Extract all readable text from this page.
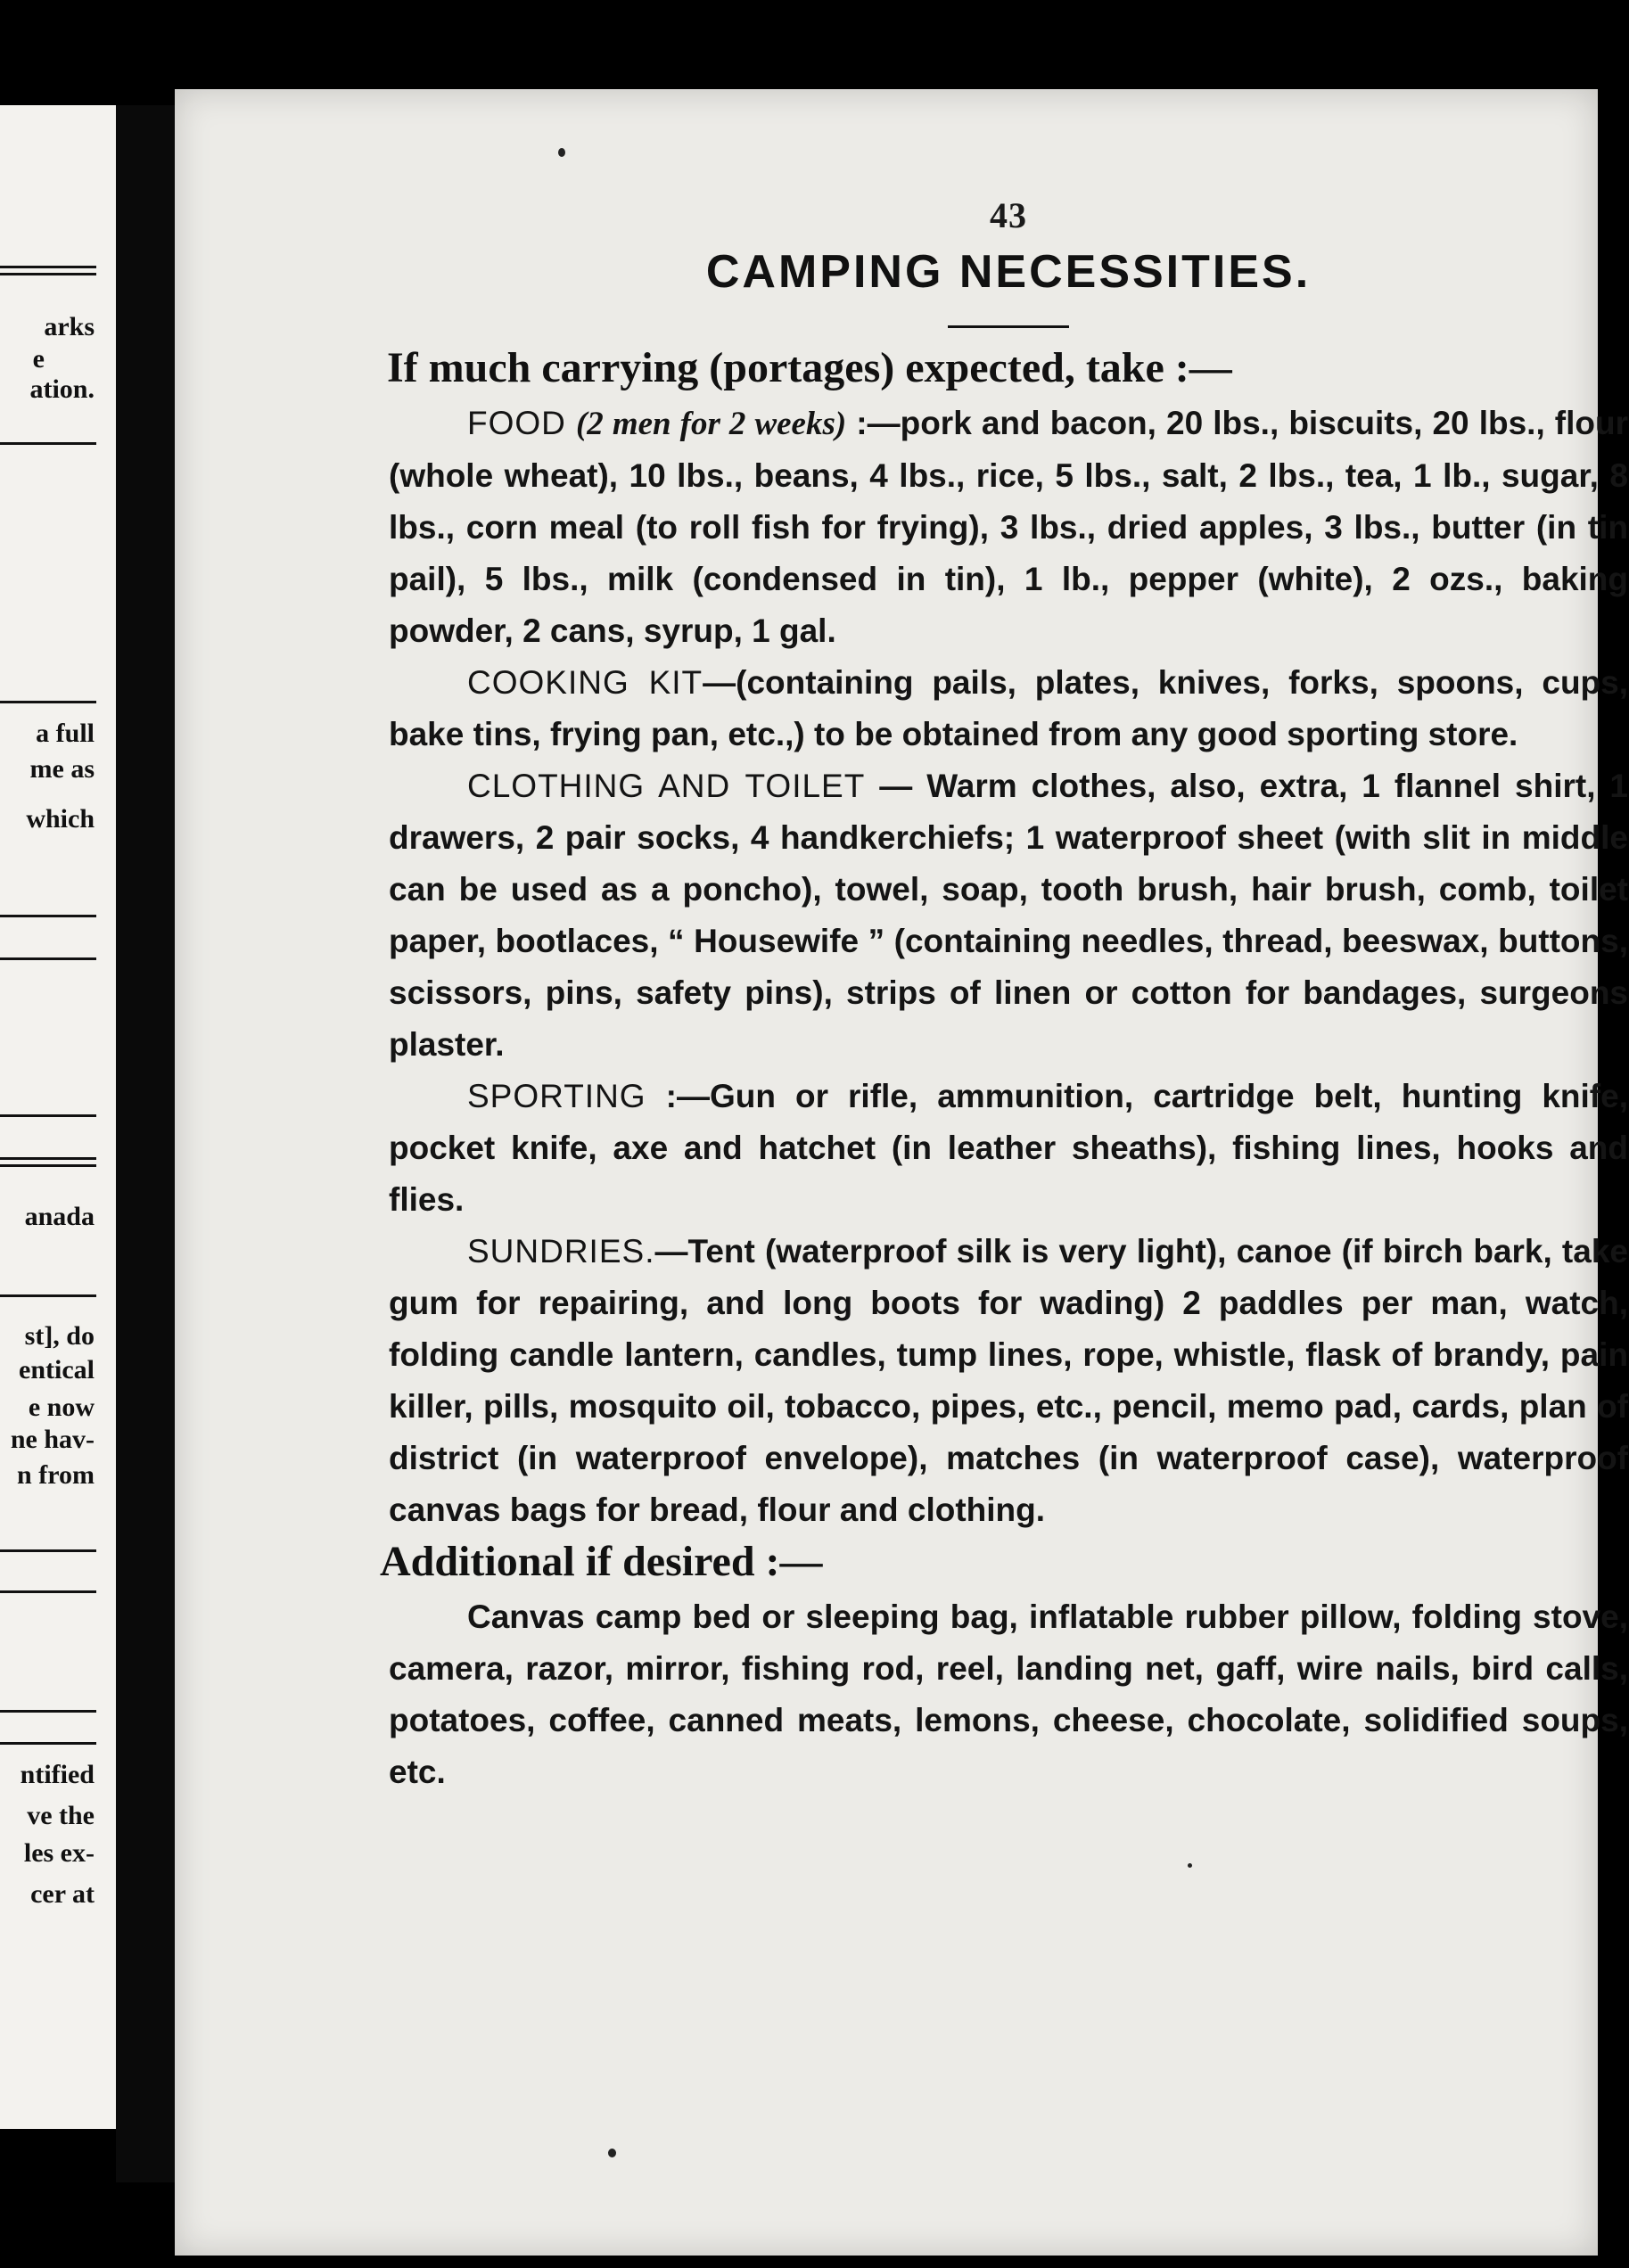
arks
e
ation.
a full
me as
which
anada
st], do
entical
e now
ne hav-
n from
ntified
ve the
les ex-
cer at
43
CAMPING NECESSITIES.
If much carrying (portages) expected, take :—

FOOD (2 men for 2 weeks) :—pork and bacon, 20 lbs., biscuits, 20 lbs., flour (whole wheat), 10 lbs., beans, 4 lbs., rice, 5 lbs., salt, 2 lbs., tea, 1 lb., sugar, 8 lbs., corn meal (to roll fish for frying), 3 lbs., dried apples, 3 lbs., butter (in tin pail), 5 lbs., milk (condensed in tin), 1 lb., pepper (white), 2 ozs., baking powder, 2 cans, syrup, 1 gal.

COOKING KIT—(containing pails, plates, knives, forks, spoons, cups, bake tins, frying pan, etc.,) to be obtained from any good sporting store.

CLOTHING AND TOILET — Warm clothes, also, extra, 1 flannel shirt, 1 drawers, 2 pair socks, 4 handkerchiefs; 1 waterproof sheet (with slit in middle can be used as a poncho), towel, soap, tooth brush, hair brush, comb, toilet paper, bootlaces, “ Housewife ” (containing needles, thread, beeswax, buttons, scissors, pins, safety pins), strips of linen or cotton for bandages, surgeons plaster.

SPORTING :—Gun or rifle, ammunition, cartridge belt, hunting knife, pocket knife, axe and hatchet (in leather sheaths), fishing lines, hooks and flies.

SUNDRIES.—Tent (waterproof silk is very light), canoe (if birch bark, take gum for repairing, and long boots for wading) 2 paddles per man, watch, folding candle lantern, candles, tump lines, rope, whistle, flask of brandy, pain killer, pills, mosquito oil, tobacco, pipes, etc., pencil, memo pad, cards, plan of district (in waterproof envelope), matches (in waterproof case), waterproof canvas bags for bread, flour and clothing.

Additional if desired :—

Canvas camp bed or sleeping bag, inflatable rubber pillow, folding stove, camera, razor, mirror, fishing rod, reel, landing net, gaff, wire nails, bird calls, potatoes, coffee, canned meats, lemons, cheese, chocolate, solidified soups, etc.
